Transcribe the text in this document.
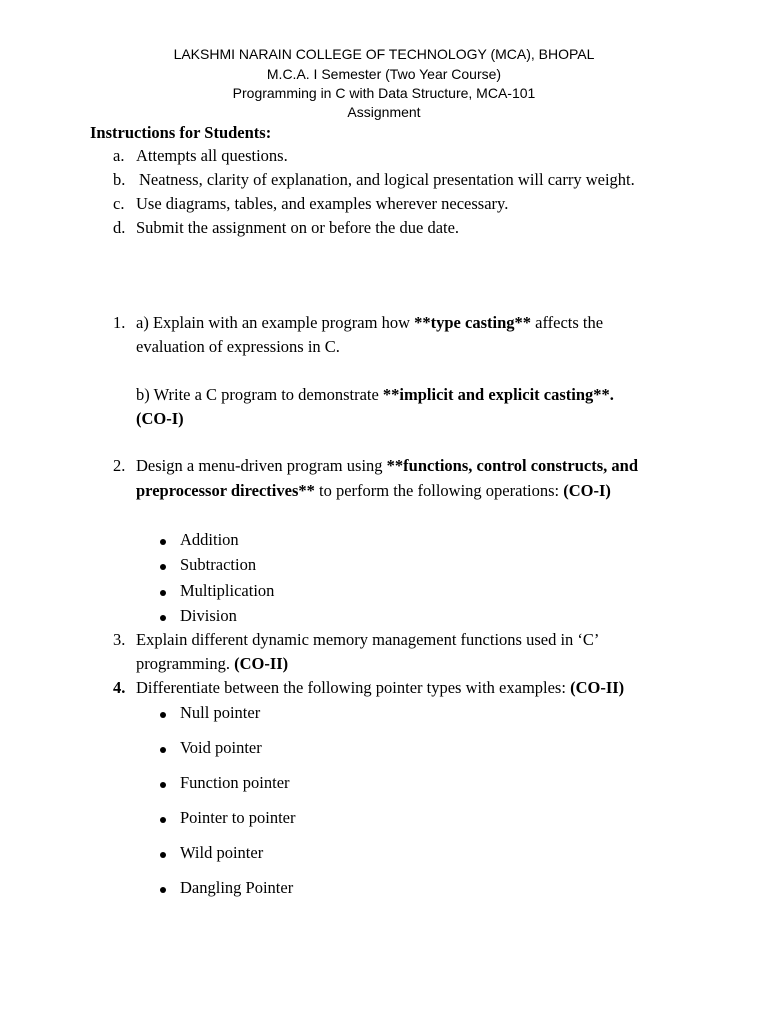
LAKSHMI NARAIN COLLEGE OF TECHNOLOGY (MCA), BHOPAL
M.C.A. I Semester (Two Year Course)
Programming in C with Data Structure, MCA-101
Assignment
Instructions for Students:
a. Attempts all questions.
b. Neatness, clarity of explanation, and logical presentation will carry weight.
c. Use diagrams, tables, and examples wherever necessary.
d. Submit the assignment on or before the due date.
1. a) Explain with an example program how **type casting** affects the
evaluation of expressions in C.
b) Write a C program to demonstrate **implicit and explicit casting**.
(CO-I)
2. Design a menu-driven program using **functions, control constructs, and
preprocessor directives** to perform the following operations: (CO-I)
Addition
Subtraction
Multiplication
Division
3. Explain different dynamic memory management functions used in ‘C’
programming. (CO-II)
4. Differentiate between the following pointer types with examples: (CO-II)
Null pointer
Void pointer
Function pointer
Pointer to pointer
Wild pointer
Dangling Pointer
